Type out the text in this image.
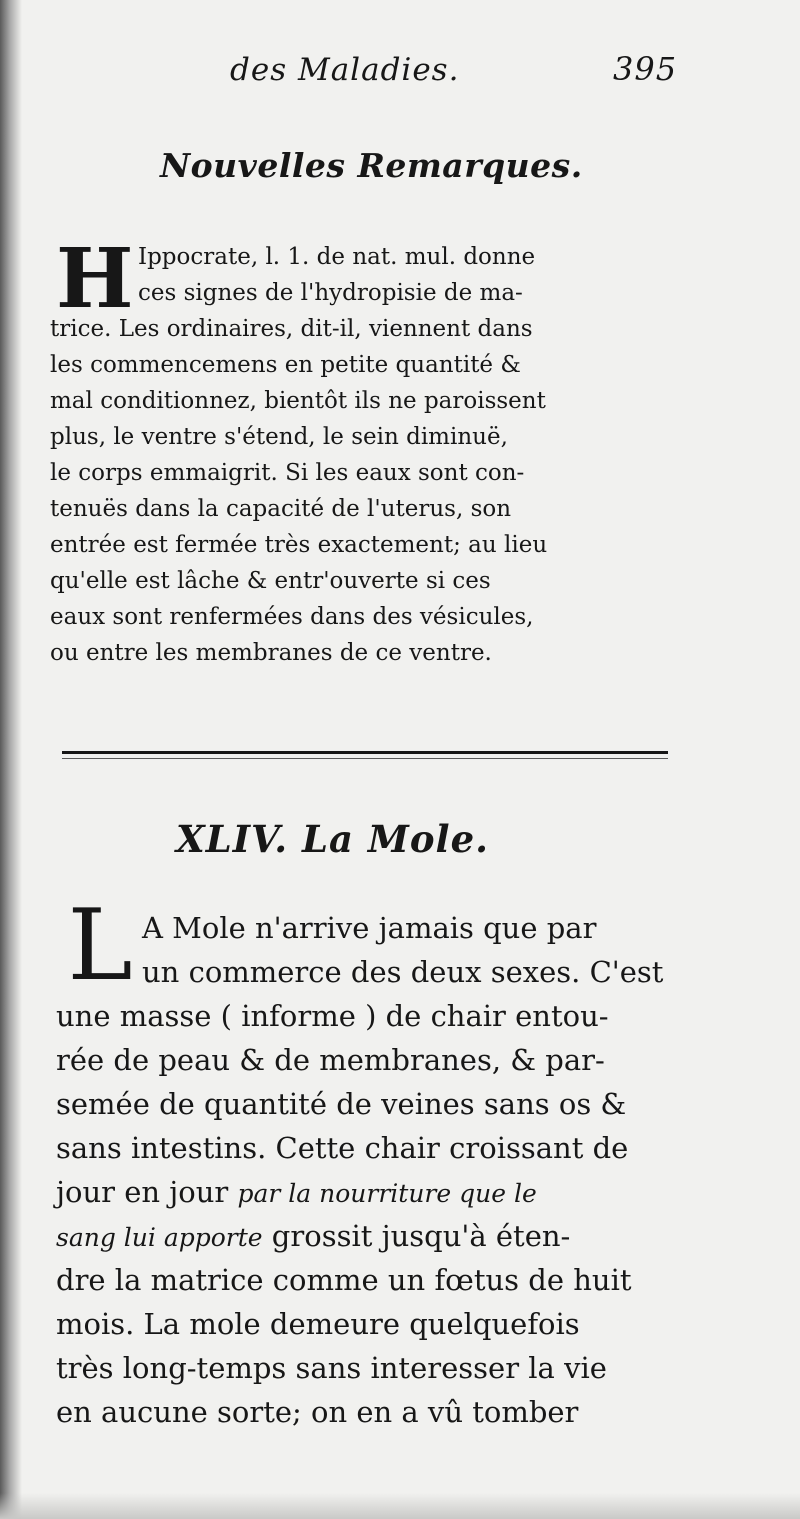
des Maladies.	395
Nouvelles Remarques.
H Ippocrate, l. 1. de nat. mul. donne
ces signes de l'hydropisie de ma-
trice. Les ordinaires, dit-il, viennent dans
les commencemens en petite quantité &
mal conditionnez, bientôt ils ne paroissent
plus, le ventre s'étend, le sein diminuë,
le corps emmaigrit. Si les eaux sont con-
tenuës dans la capacité de l'uterus, son
entrée est fermée très exactement; au lieu
qu'elle est lâche & entr'ouverte si ces
eaux sont renfermées dans des vésicules,
ou entre les membranes de ce ventre.
XLIV. La Mole.
L A Mole n'arrive jamais que par
un commerce des deux sexes. C'est
une masse ( informe ) de chair entou-
rée de peau & de membranes, & par-
semée de quantité de veines sans os &
sans intestins. Cette chair croissant de
jour en jour par la nourriture que le
sang lui apporte grossit jusqu'à éten-
dre la matrice comme un fœtus de huit
mois. La mole demeure quelquefois
très long-temps sans interesser la vie
en aucune sorte; on en a vû tomber
